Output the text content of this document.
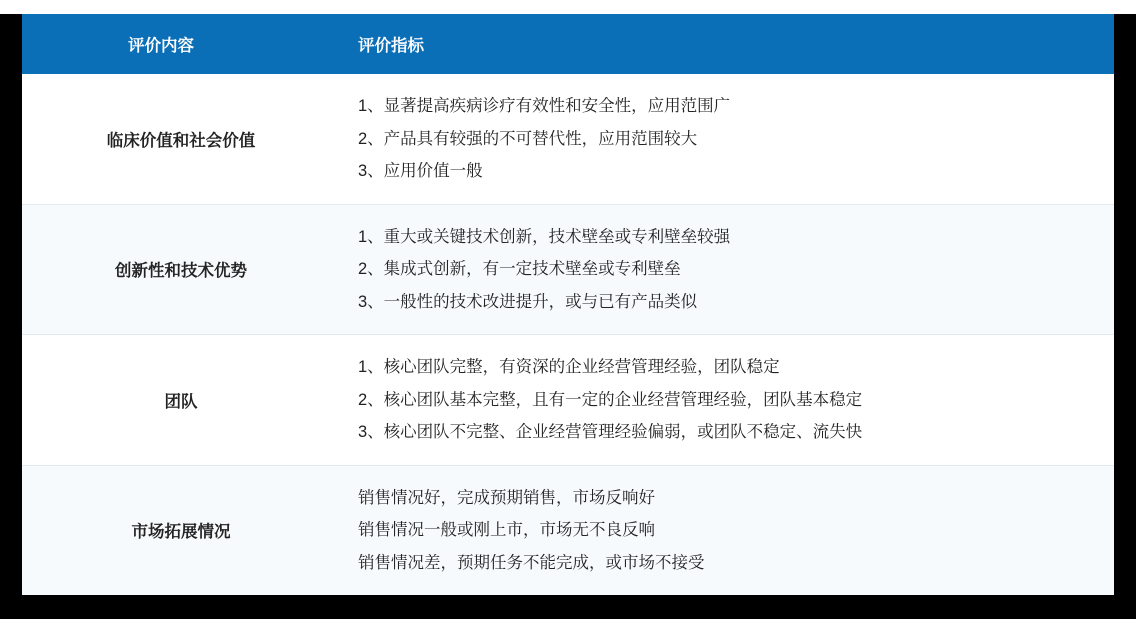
评价内容	评价指标

临床价值和社会价值	1、显著提高疾病诊疗有效性和安全性，应用范围广
2、产品具有较强的不可替代性，应用范围较大
3、应用价值一般

创新性和技术优势	1、重大或关键技术创新，技术壁垒或专利壁垒较强
2、集成式创新，有一定技术壁垒或专利壁垒
3、一般性的技术改进提升，或与已有产品类似

团队	1、核心团队完整，有资深的企业经营管理经验，团队稳定
2、核心团队基本完整，且有一定的企业经营管理经验，团队基本稳定
3、核心团队不完整、企业经营管理经验偏弱，或团队不稳定、流失快

市场拓展情况	销售情况好，完成预期销售，市场反响好
销售情况一般或刚上市，市场无不良反响
销售情况差，预期任务不能完成，或市场不接受
